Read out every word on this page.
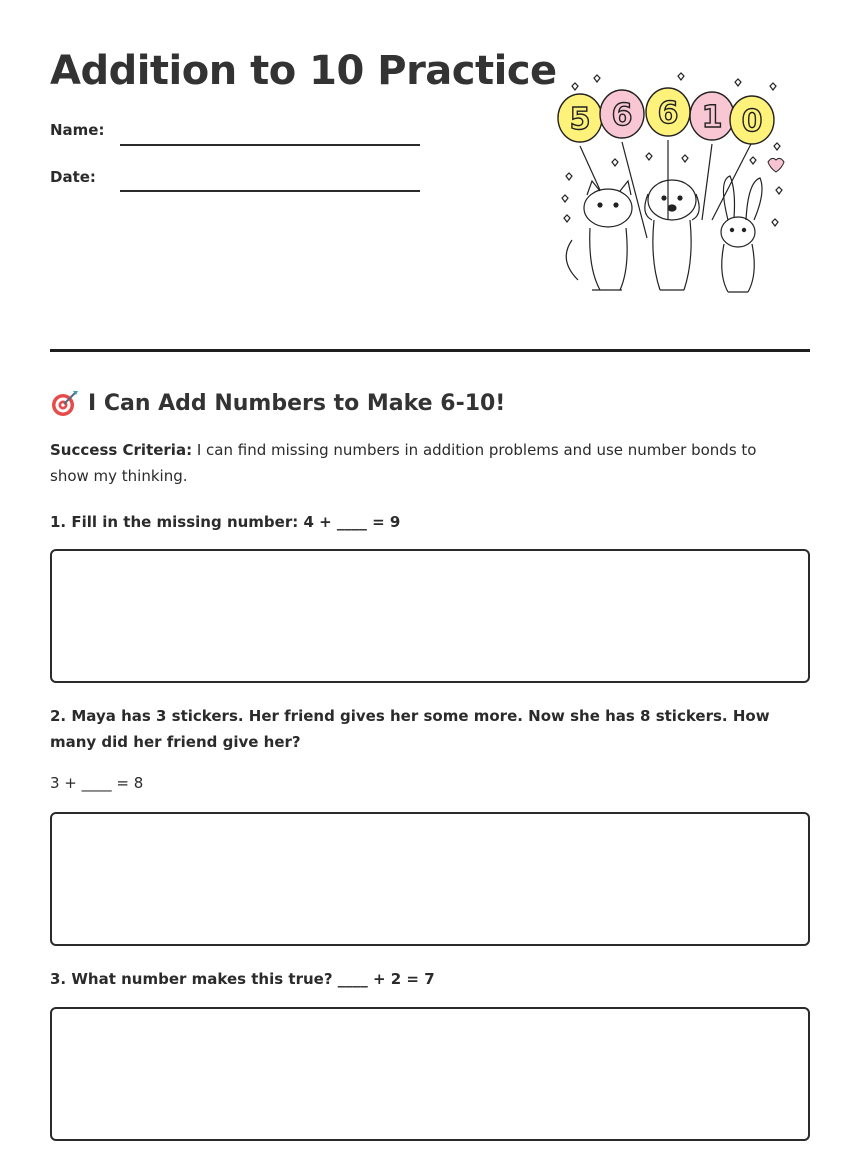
Addition to 10 Practice
Name:
Date:
5 6 6 1 0
I Can Add Numbers to Make 6-10!

Success Criteria: I can find missing numbers in addition problems and use number bonds to show my thinking.

1. Fill in the missing number: 4 + ____ = 9

2. Maya has 3 stickers. Her friend gives her some more. Now she has 8 stickers. How many did her friend give her?

3 + ____ = 8

3. What number makes this true? ____ + 2 = 7
